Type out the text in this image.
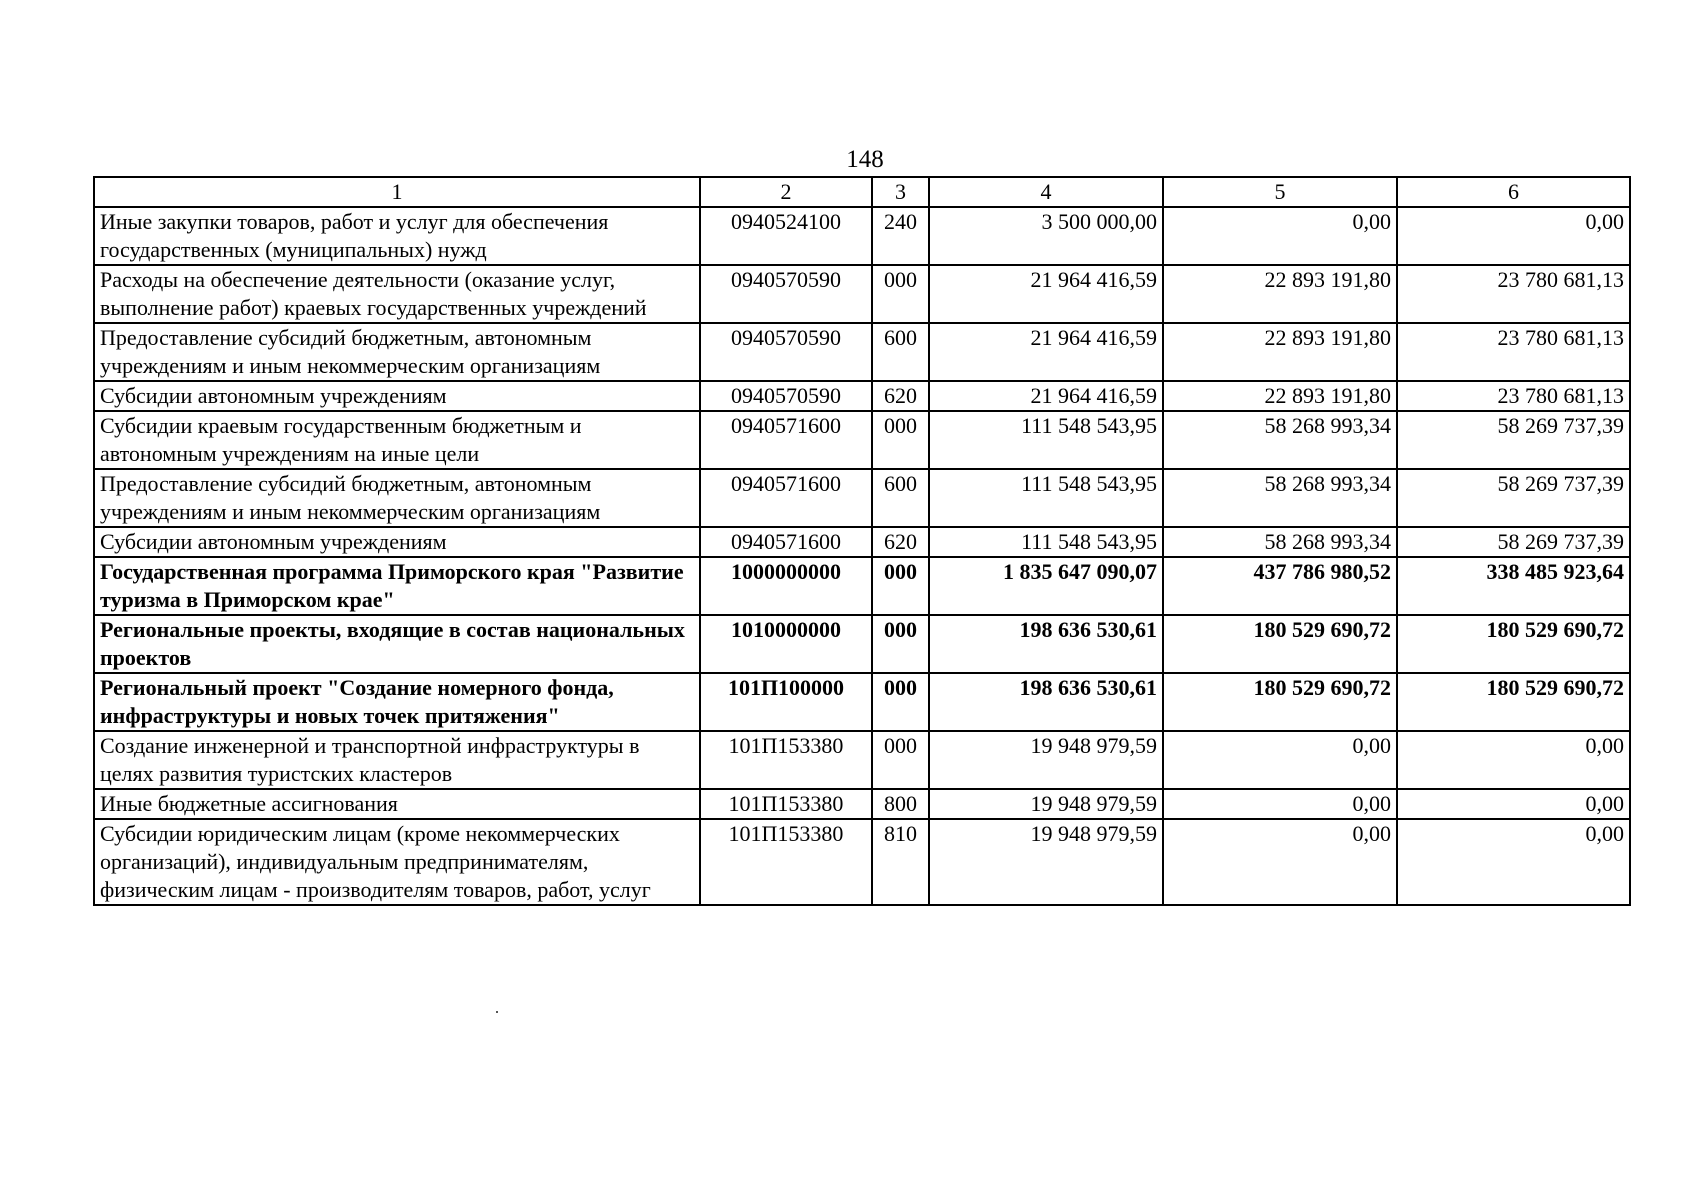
148
1	2	3	4	5	6
Иные закупки товаров, работ и услуг для обеспечения государственных (муниципальных) нужд	0940524100	240	3 500 000,00	0,00	0,00
Расходы на обеспечение деятельности (оказание услуг, выполнение работ) краевых государственных учреждений	0940570590	000	21 964 416,59	22 893 191,80	23 780 681,13
Предоставление субсидий бюджетным, автономным учреждениям и иным некоммерческим организациям	0940570590	600	21 964 416,59	22 893 191,80	23 780 681,13
Субсидии автономным учреждениям	0940570590	620	21 964 416,59	22 893 191,80	23 780 681,13
Субсидии краевым государственным бюджетным и автономным учреждениям на иные цели	0940571600	000	111 548 543,95	58 268 993,34	58 269 737,39
Предоставление субсидий бюджетным, автономным учреждениям и иным некоммерческим организациям	0940571600	600	111 548 543,95	58 268 993,34	58 269 737,39
Субсидии автономным учреждениям	0940571600	620	111 548 543,95	58 268 993,34	58 269 737,39
Государственная программа Приморского края "Развитие туризма в Приморском крае"	1000000000	000	1 835 647 090,07	437 786 980,52	338 485 923,64
Региональные проекты, входящие в состав национальных проектов	1010000000	000	198 636 530,61	180 529 690,72	180 529 690,72
Региональный проект "Создание номерного фонда, инфраструктуры и новых точек притяжения"	101П100000	000	198 636 530,61	180 529 690,72	180 529 690,72
Создание инженерной и транспортной инфраструктуры в целях развития туристских кластеров	101П153380	000	19 948 979,59	0,00	0,00
Иные бюджетные ассигнования	101П153380	800	19 948 979,59	0,00	0,00
Субсидии юридическим лицам (кроме некоммерческих организаций), индивидуальным предпринимателям, физическим лицам - производителям товаров, работ, услуг	101П153380	810	19 948 979,59	0,00	0,00
